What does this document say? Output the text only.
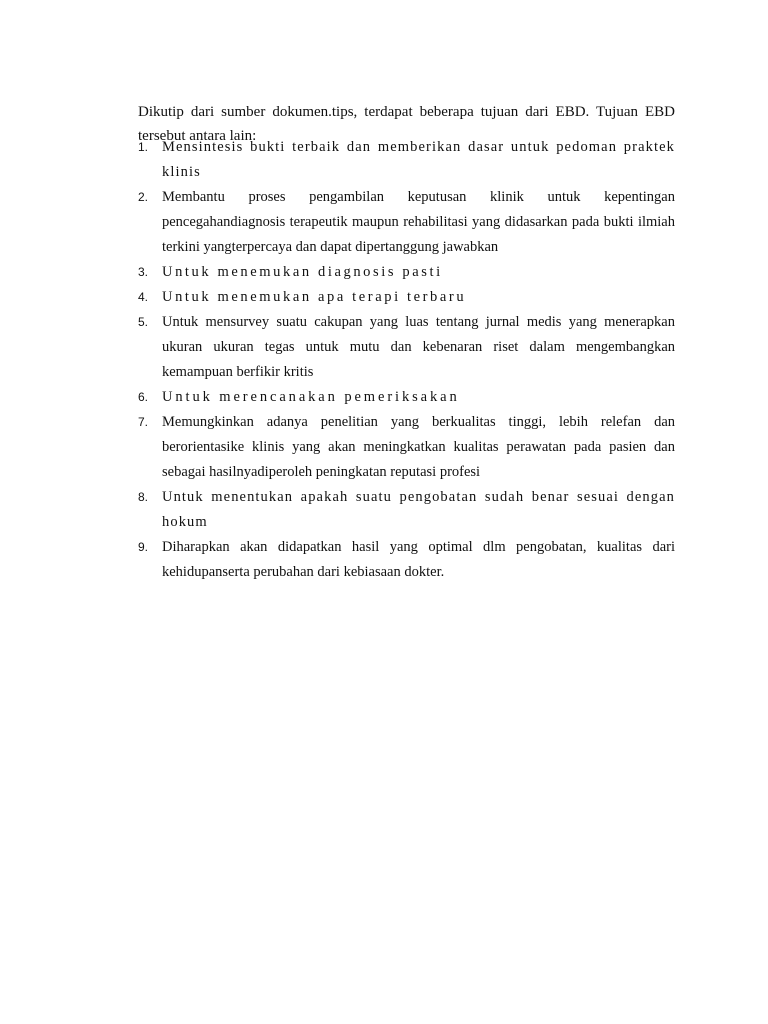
Dikutip dari sumber dokumen.tips, terdapat beberapa tujuan dari EBD. Tujuan EBD tersebut antara lain:

1. Mensintesis bukti terbaik dan memberikan dasar untuk pedoman praktek klinis
2. Membantu proses pengambilan keputusan klinik untuk kepentingan pencegahandiagnosis terapeutik maupun rehabilitasi yang didasarkan pada bukti ilmiah terkini yangterpercaya dan dapat dipertanggung jawabkan
3. Untuk menemukan diagnosis pasti
4. Untuk menemukan apa terapi terbaru
5. Untuk mensurvey suatu cakupan yang luas tentang jurnal medis yang menerapkan ukuran ukuran tegas untuk mutu dan kebenaran riset dalam mengembangkan kemampuan berfikir kritis
6. Untuk merencanakan pemeriksakan
7. Memungkinkan adanya penelitian yang berkualitas tinggi, lebih relefan dan berorientasike klinis yang akan meningkatkan kualitas perawatan pada pasien dan sebagai hasilnyadiperoleh peningkatan reputasi profesi
8. Untuk menentukan apakah suatu pengobatan sudah benar sesuai dengan hokum
9. Diharapkan akan didapatkan hasil yang optimal dlm pengobatan, kualitas dari kehidupanserta perubahan dari kebiasaan dokter.
